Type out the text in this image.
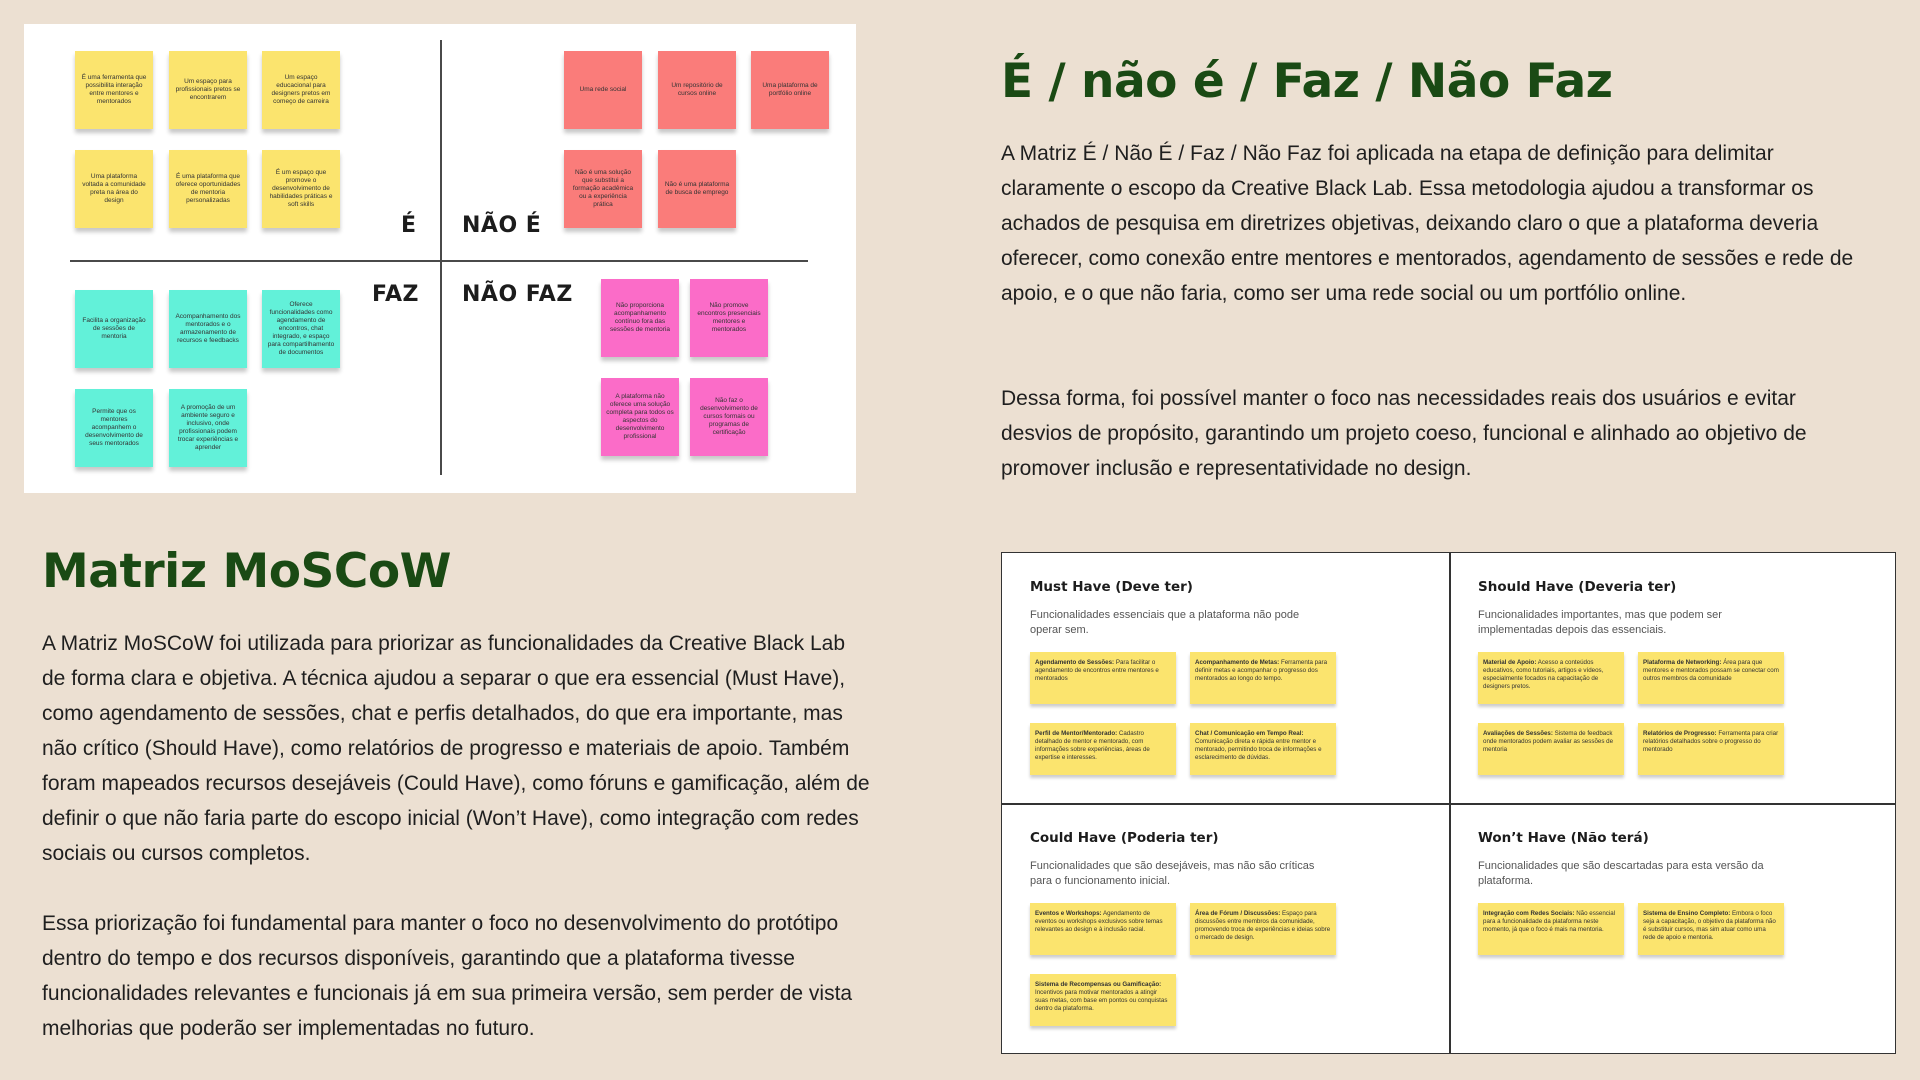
É uma ferramenta que possibilita interação entre mentores e mentorados
Um espaço para profissionais pretos se encontrarem
Um espaço educacional para designers pretos em começo de carreira
Uma plataforma voltada a comunidade preta na área do design
É uma plataforma que oferece oportunidades de mentoria personalizadas
É um espaço que promove o desenvolvimento de habilidades práticas e soft skills
Uma rede social
Um repositório de cursos online
Uma plataforma de portfólio online
Não é uma solução que substitui a formação acadêmica ou a experiência prática
Não é uma plataforma de busca de emprego
Facilita a organização de sessões de mentoria
Acompanhamento dos mentorados e o armazenamento de recursos e feedbacks
Oferece funcionalidades como agendamento de encontros, chat integrado, e espaço para compartilhamento de documentos
Permite que os mentores acompanhem o desenvolvimento de seus mentorados
A promoção de um ambiente seguro e inclusivo, onde profissionais podem trocar experiências e aprender
Não proporciona acompanhamento contínuo fora das sessões de mentoria
Não promove encontros presenciais mentores e mentorados
A plataforma não oferece uma solução completa para todos os aspectos do desenvolvimento profissional
Não faz o desenvolvimento de cursos formais ou programas de certificação
É NÃO É
FAZ NÃO FAZ
É / não é / Faz / Não Faz

A Matriz É / Não É / Faz / Não Faz foi aplicada na etapa de definição para delimitar claramente o escopo da Creative Black Lab. Essa metodologia ajudou a transformar os achados de pesquisa em diretrizes objetivas, deixando claro o que a plataforma deveria oferecer, como conexão entre mentores e mentorados, agendamento de sessões e rede de apoio, e o que não faria, como ser uma rede social ou um portfólio online.

Dessa forma, foi possível manter o foco nas necessidades reais dos usuários e evitar desvios de propósito, garantindo um projeto coeso, funcional e alinhado ao objetivo de promover inclusão e representatividade no design.

Matriz MoSCoW

A Matriz MoSCoW foi utilizada para priorizar as funcionalidades da Creative Black Lab de forma clara e objetiva. A técnica ajudou a separar o que era essencial (Must Have), como agendamento de sessões, chat e perfis detalhados, do que era importante, mas não crítico (Should Have), como relatórios de progresso e materiais de apoio. Também foram mapeados recursos desejáveis (Could Have), como fóruns e gamificação, além de definir o que não faria parte do escopo inicial (Won’t Have), como integração com redes sociais ou cursos completos.

Essa priorização foi fundamental para manter o foco no desenvolvimento do protótipo dentro do tempo e dos recursos disponíveis, garantindo que a plataforma tivesse funcionalidades relevantes e funcionais já em sua primeira versão, sem perder de vista melhorias que poderão ser implementadas no futuro.

Must Have (Deve ter)
Funcionalidades essenciais que a plataforma não pode operar sem.
Agendamento de Sessões: Para facilitar o agendamento de encontros entre mentores e mentorados
Acompanhamento de Metas: Ferramenta para definir metas e acompanhar o progresso dos mentorados ao longo do tempo.
Perfil de Mentor/Mentorado: Cadastro detalhado de mentor e mentorado, com informações sobre experiências, áreas de expertise e interesses.
Chat / Comunicação em Tempo Real: Comunicação direta e rápida entre mentor e mentorado, permitindo troca de informações e esclarecimento de dúvidas.
Should Have (Deveria ter)
Funcionalidades importantes, mas que podem ser implementadas depois das essenciais.
Material de Apoio: Acesso a conteúdos educativos, como tutoriais, artigos e vídeos, especialmente focados na capacitação de designers pretos.
Plataforma de Networking: Área para que mentores e mentorados possam se conectar com outros membros da comunidade
Avaliações de Sessões: Sistema de feedback onde mentorados podem avaliar as sessões de mentoria
Relatórios de Progresso: Ferramenta para criar relatórios detalhados sobre o progresso do mentorado
Could Have (Poderia ter)
Funcionalidades que são desejáveis, mas não são críticas para o funcionamento inicial.
Eventos e Workshops: Agendamento de eventos ou workshops exclusivos sobre temas relevantes ao design e à inclusão racial.
Área de Fórum / Discussões: Espaço para discussões entre membros da comunidade, promovendo troca de experiências e ideias sobre o mercado de design.
Sistema de Recompensas ou Gamificação: Incentivos para motivar mentorados a atingir suas metas, com base em pontos ou conquistas dentro da plataforma.
Won’t Have (Não terá)
Funcionalidades que são descartadas para esta versão da plataforma.
Integração com Redes Sociais: Não essencial para a funcionalidade da plataforma neste momento, já que o foco é mais na mentoria.
Sistema de Ensino Completo: Embora o foco seja a capacitação, o objetivo da plataforma não é substituir cursos, mas sim atuar como uma rede de apoio e mentoria.
